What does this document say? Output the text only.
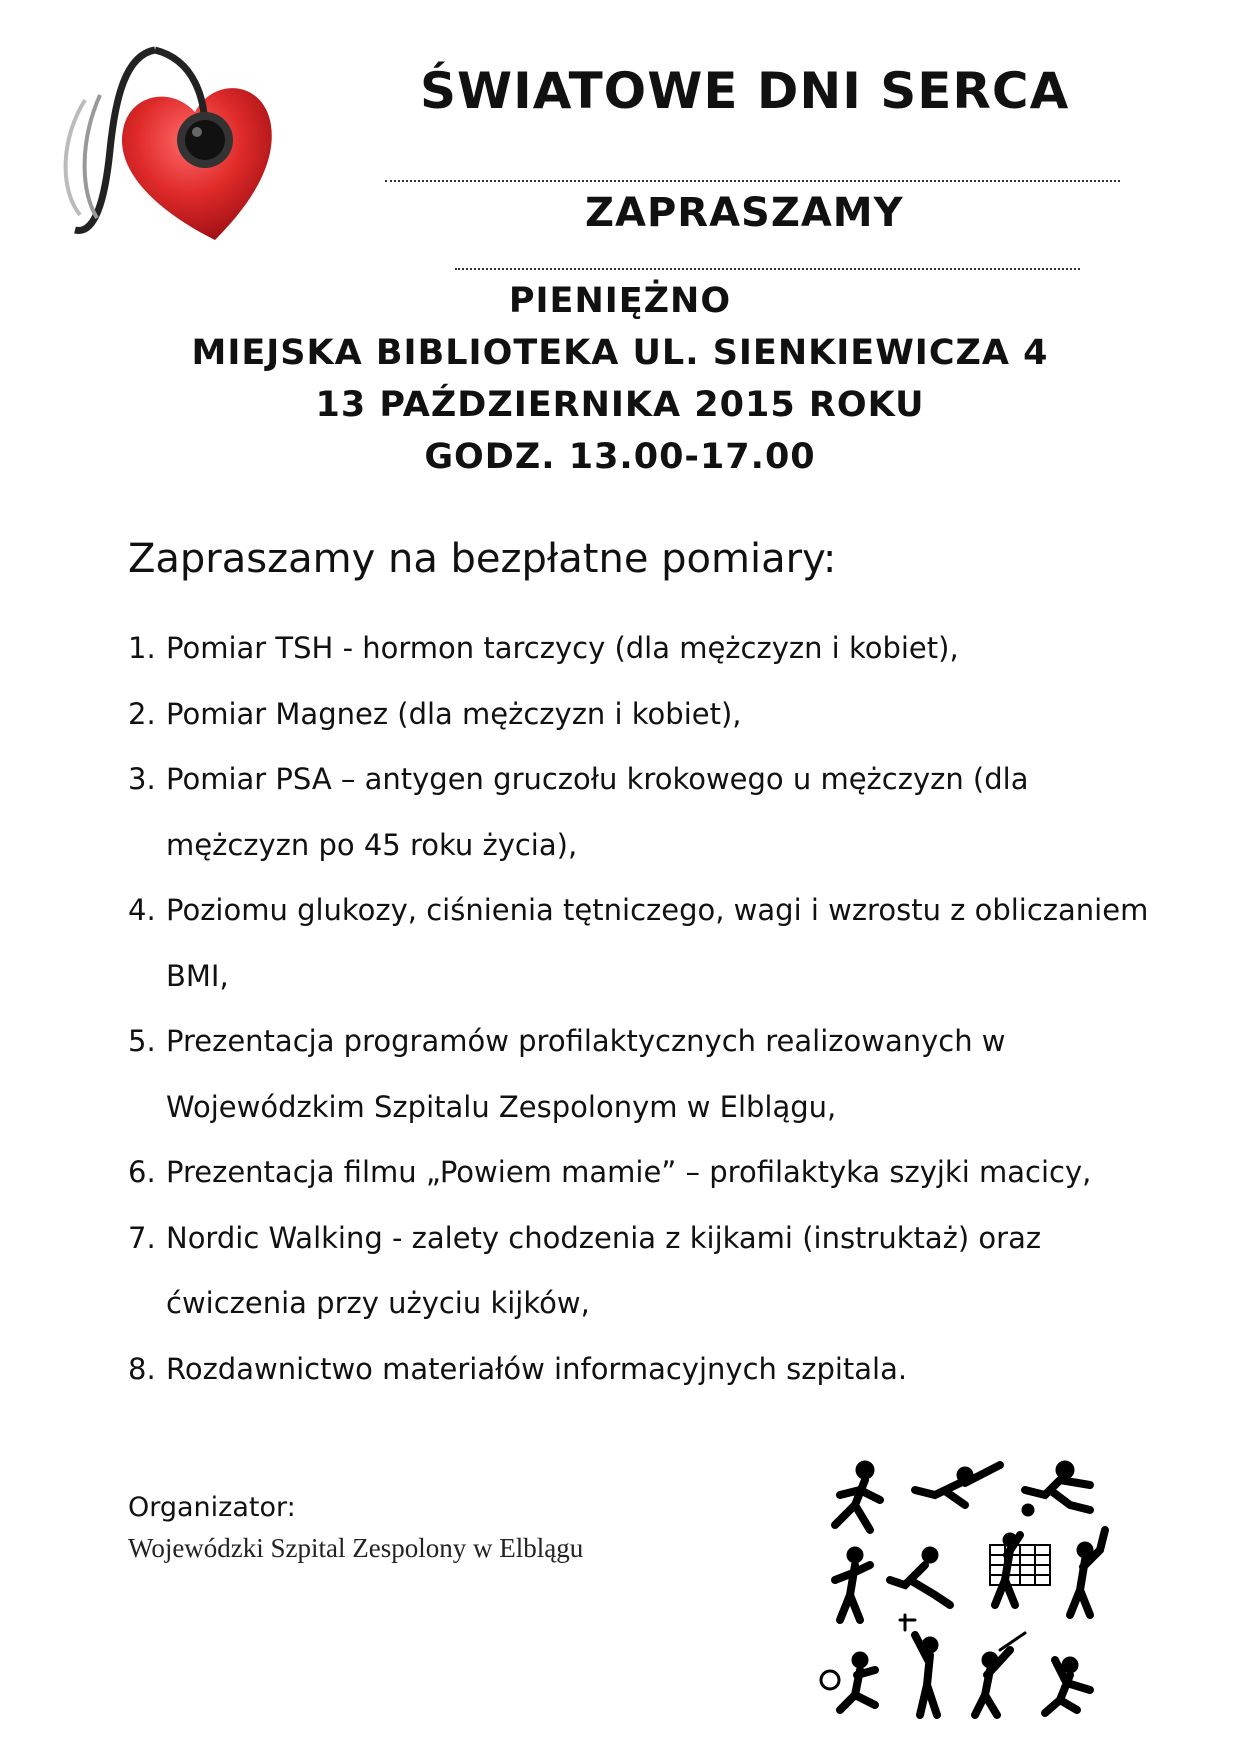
ŚWIATOWE DNI SERCA
ZAPRASZAMY
PIENIĘŻNO
MIEJSKA BIBLIOTEKA UL. SIENKIEWICZA 4
13 PAŹDZIERNIKA 2015 ROKU
GODZ. 13.00-17.00
Zapraszamy na bezpłatne pomiary:
1. Pomiar TSH - hormon tarczycy (dla mężczyzn i kobiet),
2. Pomiar Magnez (dla mężczyzn i kobiet),
3. Pomiar PSA – antygen gruczołu krokowego u mężczyzn (dla mężczyzn po 45 roku życia),
4. Poziomu glukozy, ciśnienia tętniczego, wagi i wzrostu z obliczaniem BMI,
5. Prezentacja programów profilaktycznych realizowanych w Wojewódzkim Szpitalu Zespolonym w Elblągu,
6. Prezentacja filmu „Powiem mamie” – profilaktyka szyjki macicy,
7. Nordic Walking - zalety chodzenia z kijkami (instruktaż) oraz ćwiczenia przy użyciu kijków,
8. Rozdawnictwo materiałów informacyjnych szpitala.
Organizator:
Wojewódzki Szpital Zespolony w Elblągu
